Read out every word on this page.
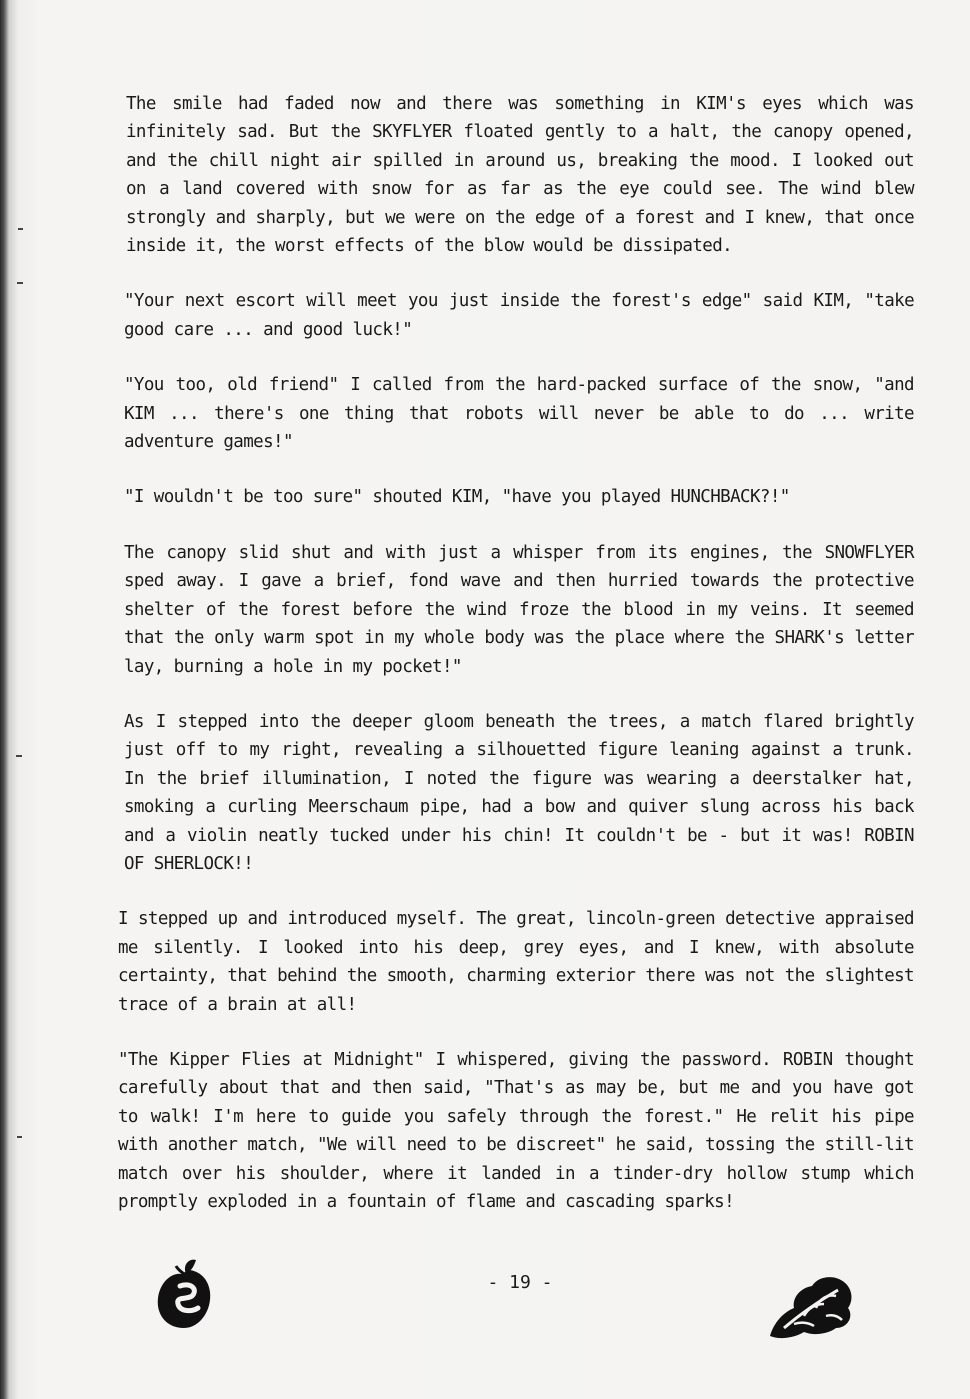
The smile had faded now and there was something in KIM's eyes which was infinitely sad. But the SKYFLYER floated gently to a halt, the canopy opened, and the chill night air spilled in around us, breaking the mood. I looked out on a land covered with snow for as far as the eye could see. The wind blew strongly and sharply, but we were on the edge of a forest and I knew, that once inside it, the worst effects of the blow would be dissipated.

"Your next escort will meet you just inside the forest's edge" said KIM, "take good care ... and good luck!"

"You too, old friend" I called from the hard-packed surface of the snow, "and KIM ... there's one thing that robots will never be able to do ... write adventure games!"

"I wouldn't be too sure" shouted KIM, "have you played HUNCHBACK?!"

The canopy slid shut and with just a whisper from its engines, the SNOWFLYER sped away. I gave a brief, fond wave and then hurried towards the protective shelter of the forest before the wind froze the blood in my veins. It seemed that the only warm spot in my whole body was the place where the SHARK's letter lay, burning a hole in my pocket!"

As I stepped into the deeper gloom beneath the trees, a match flared brightly just off to my right, revealing a silhouetted figure leaning against a trunk. In the brief illumination, I noted the figure was wearing a deerstalker hat, smoking a curling Meerschaum pipe, had a bow and quiver slung across his back and a violin neatly tucked under his chin! It couldn't be - but it was! ROBIN OF SHERLOCK!!

I stepped up and introduced myself. The great, lincoln-green detective appraised me silently. I looked into his deep, grey eyes, and I knew, with absolute certainty, that behind the smooth, charming exterior there was not the slightest trace of a brain at all!

"The Kipper Flies at Midnight" I whispered, giving the password. ROBIN thought carefully about that and then said, "That's as may be, but me and you have got to walk! I'm here to guide you safely through the forest." He relit his pipe with another match, "We will need to be discreet" he said, tossing the still-lit match over his shoulder, where it landed in a tinder-dry hollow stump which promptly exploded in a fountain of flame and cascading sparks!

- 19 -
